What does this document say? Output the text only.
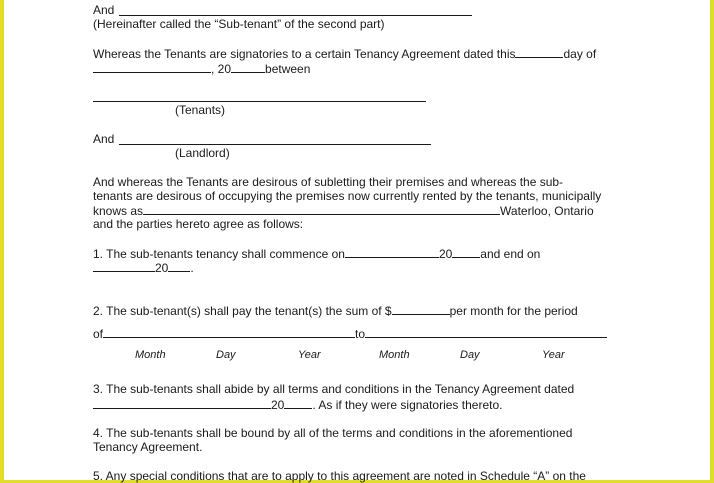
And

(Hereinafter called the “Sub-tenant” of the second part)

Whereas the Tenants are signatories to a certain Tenancy Agreement dated this	day of

, 20	between

(Tenants)

And

(Landlord)

And whereas the Tenants are desirous of subletting their premises and whereas the sub-

tenants are desirous of occupying the premises now currently rented by the tenants, municipally

knows as	Waterloo, Ontario

and the parties hereto agree as follows:

1. The sub-tenants tenancy shall commence on	20 and end on

20 .

2. The sub-tenant(s) shall pay the tenant(s) the sum of $	per month for the period

of	to

Month	Day	Year	Month	Day	Year

3. The sub-tenants shall abide by all terms and conditions in the Tenancy Agreement dated

20 . As if they were signatories thereto.

4. The sub-tenants shall be bound by all of the terms and conditions in the aforementioned

Tenancy Agreement.

5. Any special conditions that are to apply to this agreement are noted in Schedule “A” on the
